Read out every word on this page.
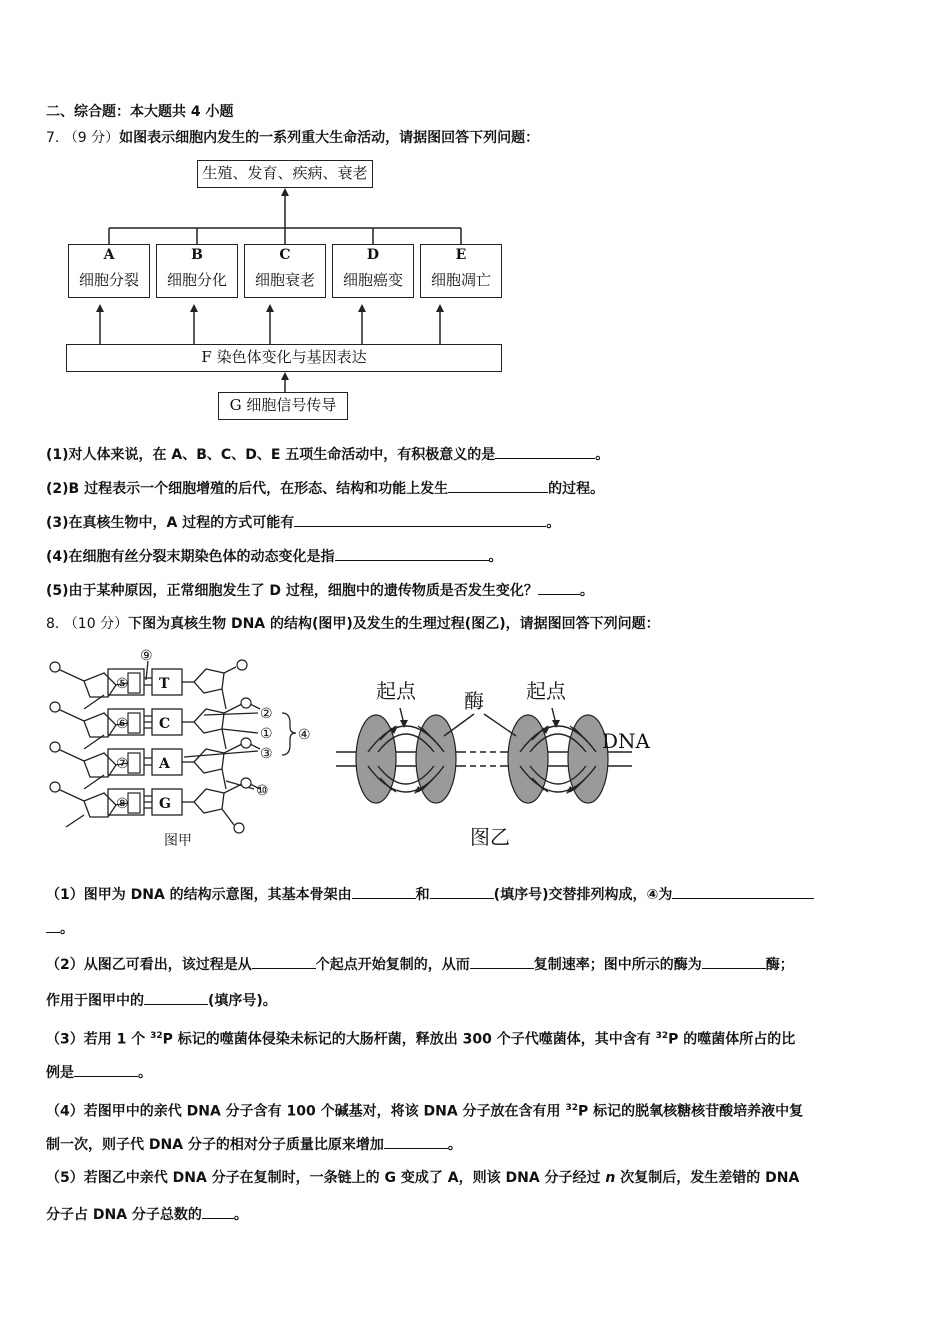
二、综合题：本大题共 4 小题
7. （9 分）如图表示细胞内发生的一系列重大生命活动，请据图回答下列问题：
生殖、发育、疾病、衰老
A
细胞分裂
B
细胞分化
C
细胞衰老
D
细胞癌变
E
细胞凋亡
F 染色体变化与基因表达
G 细胞信号传导
(1)对人体来说，在 A、B、C、D、E 五项生命活动中，有积极意义的是	。
(2)B 过程表示一个细胞增殖的后代，在形态、结构和功能上发生	的过程。
(3)在真核生物中，A 过程的方式可能有	。
(4)在细胞有丝分裂末期染色体的动态变化是指	。
(5)由于某种原因，正常细胞发生了 D 过程，细胞中的遗传物质是否发生变化？	。
8. （10 分）下图为真核生物 DNA 的结构(图甲)及发生的生理过程(图乙)，请据图回答下列问题：
⑤
⑥
⑦
⑧
T
C
A
G
⑨
②
①
③
④
⑩
图甲
起点 酶 起点
DNA
图乙
（1）图甲为 DNA 的结构示意图，其基本骨架由	和	(填序号)交替排列构成，④为
。
（2）从图乙可看出，该过程是从	个起点开始复制的，从而	复制速率；图中所示的酶为	酶；
作用于图甲中的	(填序号)。
（3）若用 1 个 $^{32}$P 标记的噬菌体侵染未标记的大肠杆菌，释放出 300 个子代噬菌体，其中含有 $^{32}$P 的噬菌体所占的比
例是	。
（4）若图甲中的亲代 DNA 分子含有 100 个碱基对，将该 DNA 分子放在含有用 $^{32}$P 标记的脱氧核糖核苷酸培养液中复
制一次，则子代 DNA 分子的相对分子质量比原来增加	。
（5）若图乙中亲代 DNA 分子在复制时，一条链上的 G 变成了 A，则该 DNA 分子经过 n 次复制后，发生差错的 DNA
分子占 DNA 分子总数的 。
